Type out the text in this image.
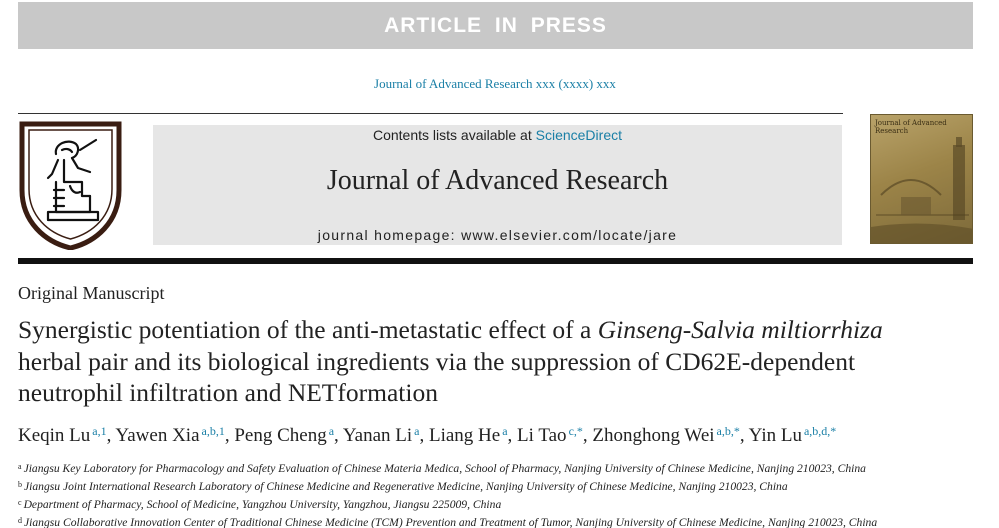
ARTICLE IN PRESS
Journal of Advanced Research xxx (xxxx) xxx
Contents lists available at ScienceDirect
Journal of Advanced Research
journal homepage: www.elsevier.com/locate/jare
Journal of Advanced Research
Original Manuscript
Synergistic potentiation of the anti-metastatic effect of a Ginseng-Salvia miltiorrhiza herbal pair and its biological ingredients via the suppression of CD62E-dependent neutrophil infiltration and NETformation
Keqin Lu $^{a,1}$, Yawen Xia $^{a,b,1}$, Peng Cheng $^a$, Yanan Li $^a$, Liang He $^a$, Li Tao $^{c,*}$, Zhonghong Wei $^{a,b,*}$, Yin Lu $^{a,b,d,*}$
$^a$ Jiangsu Key Laboratory for Pharmacology and Safety Evaluation of Chinese Materia Medica, School of Pharmacy, Nanjing University of Chinese Medicine, Nanjing 210023, China
$^b$ Jiangsu Joint International Research Laboratory of Chinese Medicine and Regenerative Medicine, Nanjing University of Chinese Medicine, Nanjing 210023, China
$^c$ Department of Pharmacy, School of Medicine, Yangzhou University, Yangzhou, Jiangsu 225009, China
$^d$ Jiangsu Collaborative Innovation Center of Traditional Chinese Medicine (TCM) Prevention and Treatment of Tumor, Nanjing University of Chinese Medicine, Nanjing 210023, China
